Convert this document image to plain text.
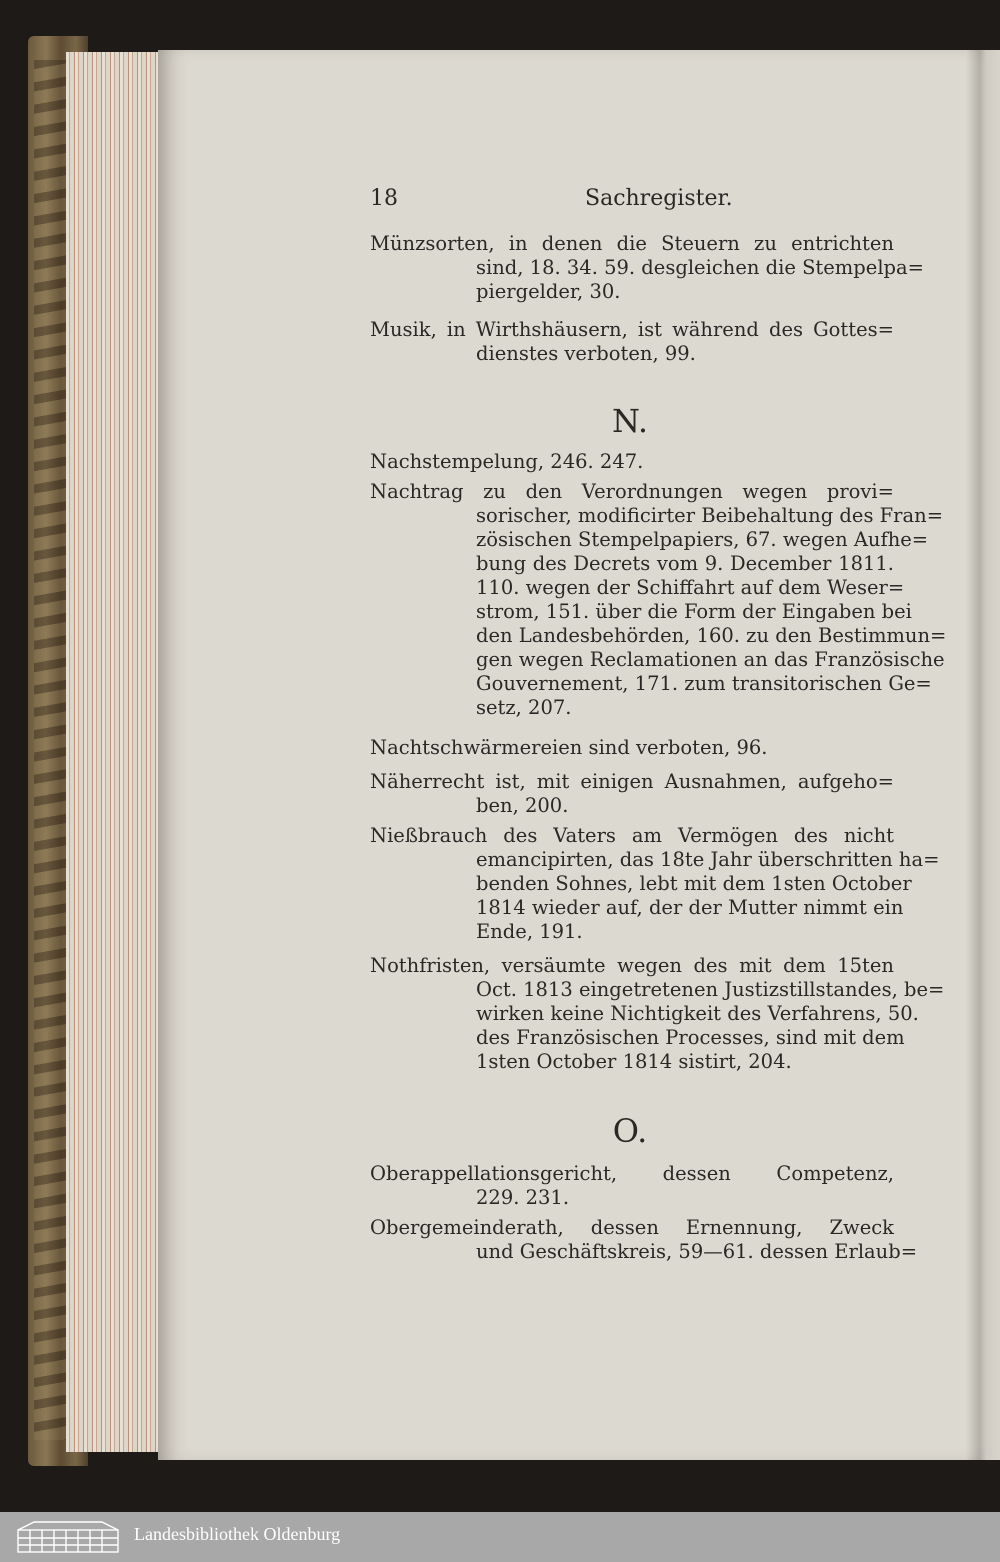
18	Sachregister.
Münzsorten, in denen die Steuern zu entrichten
sind, 18. 34. 59. desgleichen die Stempelpa=
piergelder, 30.
Musik, in Wirthshäusern, ist während des Gottes=
dienstes verboten, 99.
N.
Nachstempelung, 246. 247.
Nachtrag zu den Verordnungen wegen provi=
sorischer, modificirter Beibehaltung des Fran=
zösischen Stempelpapiers, 67. wegen Aufhe=
bung des Decrets vom 9. December 1811.
110. wegen der Schiffahrt auf dem Weser=
strom, 151. über die Form der Eingaben bei
den Landesbehörden, 160. zu den Bestimmun=
gen wegen Reclamationen an das Französische
Gouvernement, 171. zum transitorischen Ge=
setz, 207.
Nachtschwärmereien sind verboten, 96.
Näherrecht ist, mit einigen Ausnahmen, aufgeho=
ben, 200.
Nießbrauch des Vaters am Vermögen des nicht
emancipirten, das 18te Jahr überschritten ha=
benden Sohnes, lebt mit dem 1sten October
1814 wieder auf, der der Mutter nimmt ein
Ende, 191.
Nothfristen, versäumte wegen des mit dem 15ten
Oct. 1813 eingetretenen Justizstillstandes, be=
wirken keine Nichtigkeit des Verfahrens, 50.
des Französischen Processes, sind mit dem
1sten October 1814 sistirt, 204.
O.
Oberappellationsgericht, dessen Competenz,
229. 231.
Obergemeinderath, dessen Ernennung, Zweck
und Geschäftskreis, 59—61. dessen Erlaub=
Landesbibliothek Oldenburg
